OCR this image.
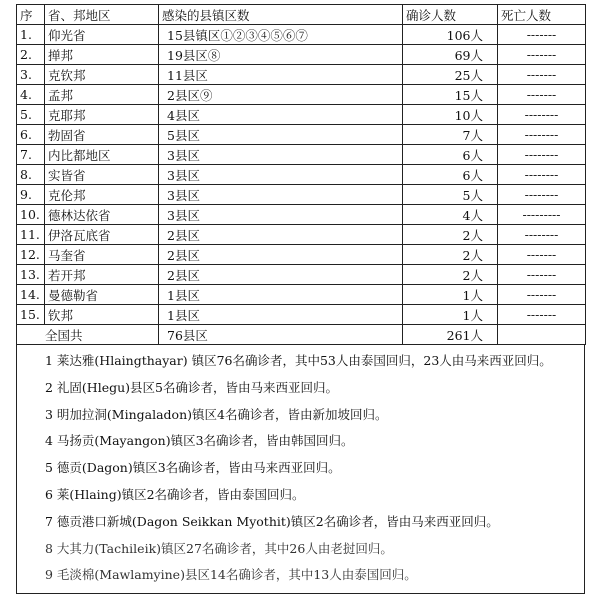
序	省、邦地区	感染的县镇区数	确诊人数	死亡人数
1.	仰光省	15县镇区①②③④⑤⑥⑦	106人	-------
2.	掸邦	19县区⑧	69人	-------
3.	克钦邦	11县区	25人	-------
4.	孟邦	2县区⑨	15人	-------
5.	克耶邦	4县区	10人	--------
6.	勃固省	5县区	7人	--------
7.	内比都地区	3县区	6人	--------
8.	实皆省	3县区	6人	--------
9.	克伦邦	3县区	5人	--------
10.	德林达依省	3县区	4人	---------
11.	伊洛瓦底省	2县区	2人	--------
12.	马奎省	2县区	2人	-------
13.	若开邦	2县区	2人	-------
14.	曼德勒省	1县区	1人	-------
15.	钦邦	1县区	1人	-------
全国共		76县区	261人	
1 莱达雅(Hlaingthayar) 镇区76名确诊者，其中53人由泰国回归，23人由马来西亚回归。
2 礼固(Hlegu)县区5名确诊者，皆由马来西亚回归。
3 明加拉洞(Mingaladon)镇区4名确诊者，皆由新加坡回归。
4 马扬贡(Mayangon)镇区3名确诊者，皆由韩国回归。
5 德贡(Dagon)镇区3名确诊者，皆由马来西亚回归。
6 莱(Hlaing)镇区2名确诊者，皆由泰国回归。
7 德贡港口新城(Dagon Seikkan Myothit)镇区2名确诊者，皆由马来西亚回归。
8 大其力(Tachileik)镇区27名确诊者，其中26人由老挝回归。
9 毛淡棉(Mawlamyine)县区14名确诊者，其中13人由泰国回归。
